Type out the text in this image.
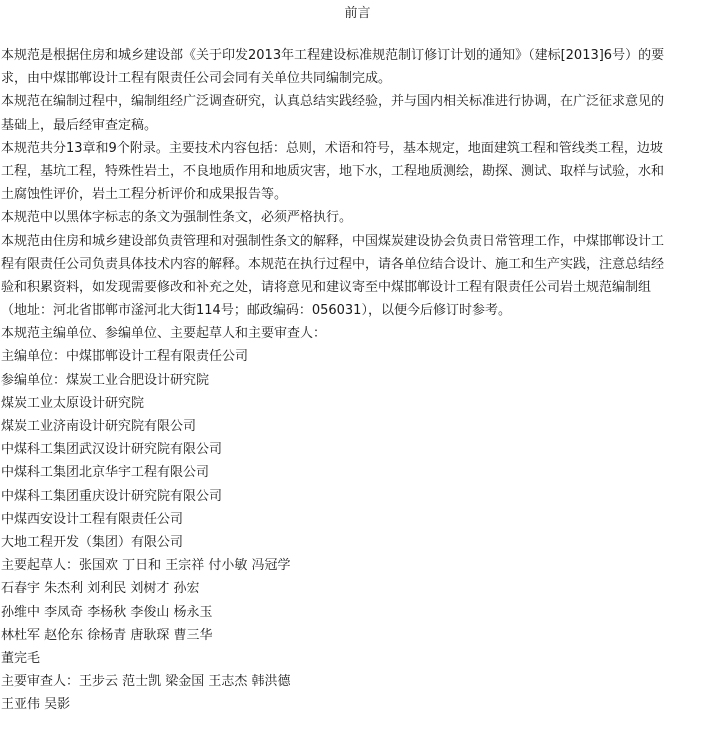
前言
本规范是根据住房和城乡建设部《关于印发2013年工程建设标准规范制订修订计划的通知》（建标[2013]6号）的要
求，由中煤邯郸设计工程有限责任公司会同有关单位共同编制完成。
本规范在编制过程中，编制组经广泛调查研究，认真总结实践经验，并与国内相关标准进行协调，在广泛征求意见的
基础上，最后经审查定稿。
本规范共分13章和9个附录。主要技术内容包括：总则，术语和符号，基本规定，地面建筑工程和管线类工程，边坡
工程，基坑工程，特殊性岩土，不良地质作用和地质灾害，地下水，工程地质测绘，勘探、测试、取样与试验，水和
土腐蚀性评价，岩土工程分析评价和成果报告等。
本规范中以黑体字标志的条文为强制性条文，必须严格执行。
本规范由住房和城乡建设部负责管理和对强制性条文的解释，中国煤炭建设协会负责日常管理工作，中煤邯郸设计工
程有限责任公司负责具体技术内容的解释。本规范在执行过程中，请各单位结合设计、施工和生产实践，注意总结经
验和积累资料，如发现需要修改和补充之处，请将意见和建议寄至中煤邯郸设计工程有限责任公司岩土规范编制组
（地址：河北省邯郸市滏河北大街114号；邮政编码：056031），以便今后修订时参考。
本规范主编单位、参编单位、主要起草人和主要审查人：
主编单位：中煤邯郸设计工程有限责任公司
参编单位：煤炭工业合肥设计研究院
煤炭工业太原设计研究院
煤炭工业济南设计研究院有限公司
中煤科工集团武汉设计研究院有限公司
中煤科工集团北京华宇工程有限公司
中煤科工集团重庆设计研究院有限公司
中煤西安设计工程有限责任公司
大地工程开发（集团）有限公司
主要起草人：张国欢 丁日和 王宗祥 付小敏 冯冠学
石春宇 朱杰利 刘利民 刘树才 孙宏
孙维中 李凤奇 李杨秋 李俊山 杨永玉
林杜军 赵伦东 徐杨青 唐耿琛 曹三华
董完毛
主要审查人：王步云 范士凯 梁金国 王志杰 韩洪德
王亚伟 吴影
